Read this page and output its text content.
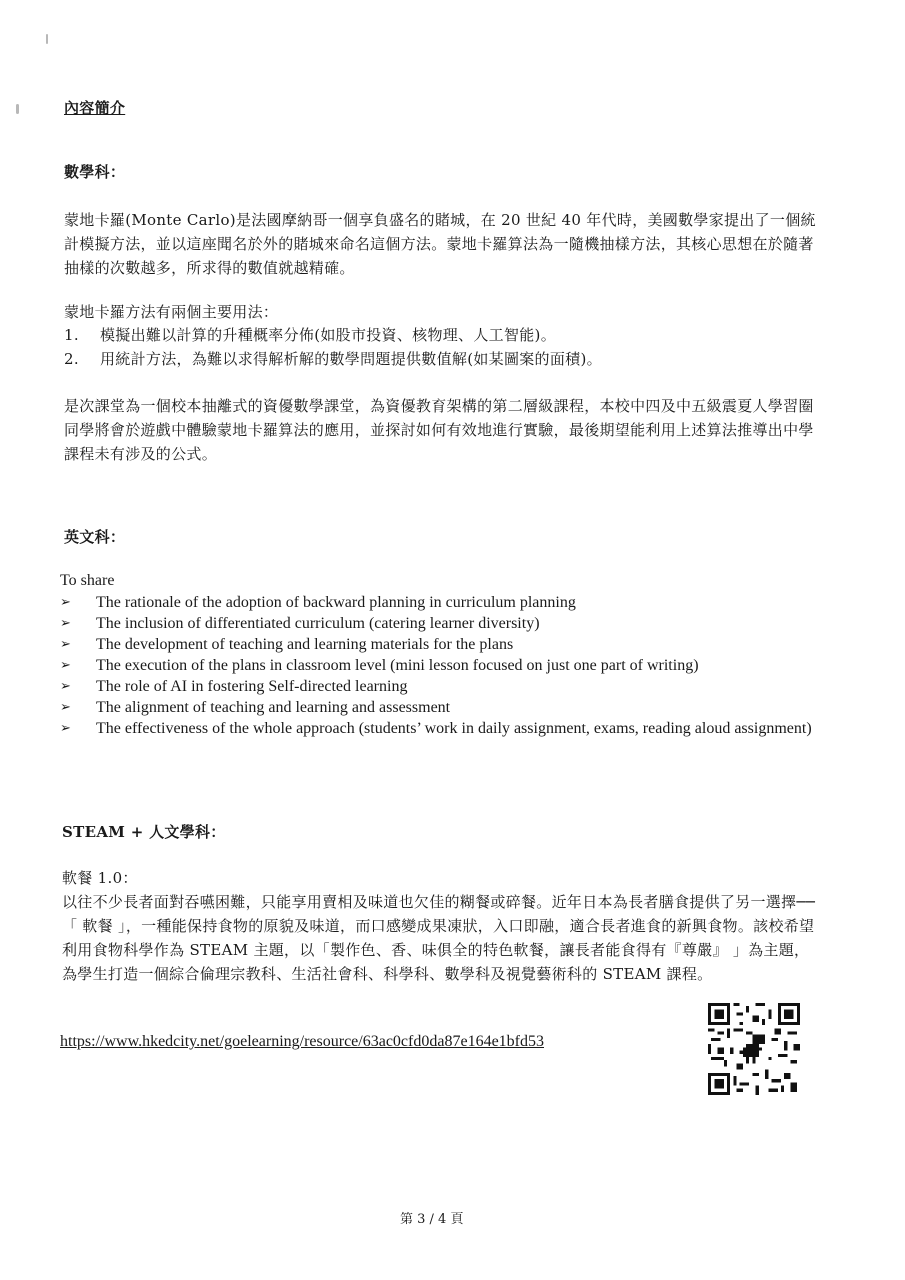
內容簡介
數學科：
蒙地卡羅(Monte Carlo)是法國摩納哥一個享負盛名的賭城，在 20 世紀 40 年代時，美國數學家提出了一個統計模擬方法，並以這座聞名於外的賭城來命名這個方法。蒙地卡羅算法為一隨機抽樣方法，其核心思想在於隨著抽樣的次數越多，所求得的數值就越精確。
蒙地卡羅方法有兩個主要用法：
1. 模擬出難以計算的升種概率分佈(如股市投資、核物理、人工智能)。
2. 用統計方法，為難以求得解析解的數學問題提供數值解(如某圖案的面積)。
是次課堂為一個校本抽離式的資優數學課堂，為資優教育架構的第二層級課程，本校中四及中五級震夏人學習圈同學將會於遊戲中體驗蒙地卡羅算法的應用，並探討如何有效地進行實驗，最後期望能利用上述算法推導出中學課程未有涉及的公式。
英文科：
To share
➢ The rationale of the adoption of backward planning in curriculum planning
➢ The inclusion of differentiated curriculum (catering learner diversity)
➢ The development of teaching and learning materials for the plans
➢ The execution of the plans in classroom level (mini lesson focused on just one part of writing)
➢ The role of AI in fostering Self-directed learning
➢ The alignment of teaching and learning and assessment
➢ The effectiveness of the whole approach (students’ work in daily assignment, exams, reading aloud assignment)
STEAM + 人文學科：
軟餐 1.0：
以往不少長者面對吞嚥困難，只能享用賣相及味道也欠佳的糊餐或碎餐。近年日本為長者膳食提供了另一選擇──「 軟餐 」，一種能保持食物的原貌及味道，而口感變成果凍狀，入口即融，適合長者進食的新興食物。該校希望利用食物科學作為 STEAM 主題，以「製作色、香、味俱全的特色軟餐，讓長者能食得有『尊嚴』 」為主題，為學生打造一個綜合倫理宗教科、生活社會科、科學科、數學科及視覺藝術科的 STEAM 課程。
https://www.hkedcity.net/goelearning/resource/63ac0cfd0da87e164e1bfd53
第 3 / 4 頁
